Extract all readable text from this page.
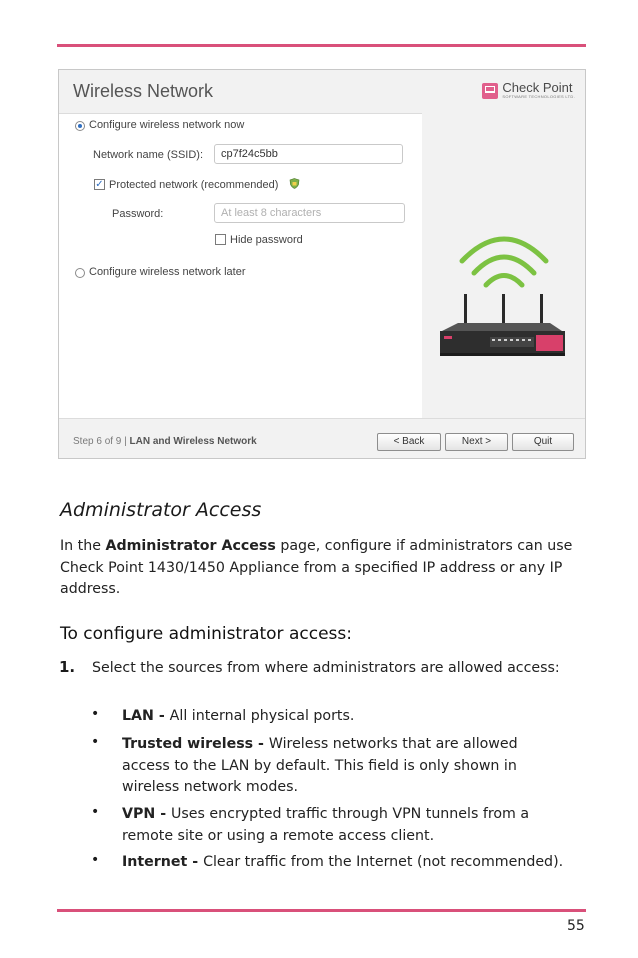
Wireless Network	Check Point
SOFTWARE TECHNOLOGIES LTD.
Configure wireless network now
Network name (SSID):	cp7f24c5bb
✓ Protected network (recommended)
Password:	At least 8 characters
Hide password
Configure wireless network later
Step 6 of 9 | LAN and Wireless Network	< Back	Next >	Quit
Administrator Access
In the Administrator Access page, configure if administrators can use Check Point 1430/1450 Appliance from a specified IP address or any IP address.
To configure administrator access:
1. Select the sources from where administrators are allowed access:
• LAN - All internal physical ports.
• Trusted wireless - Wireless networks that are allowed access to the LAN by default. This field is only shown in wireless network modes.
• VPN - Uses encrypted traffic through VPN tunnels from a remote site or using a remote access client.
• Internet - Clear traffic from the Internet (not recommended).
55
